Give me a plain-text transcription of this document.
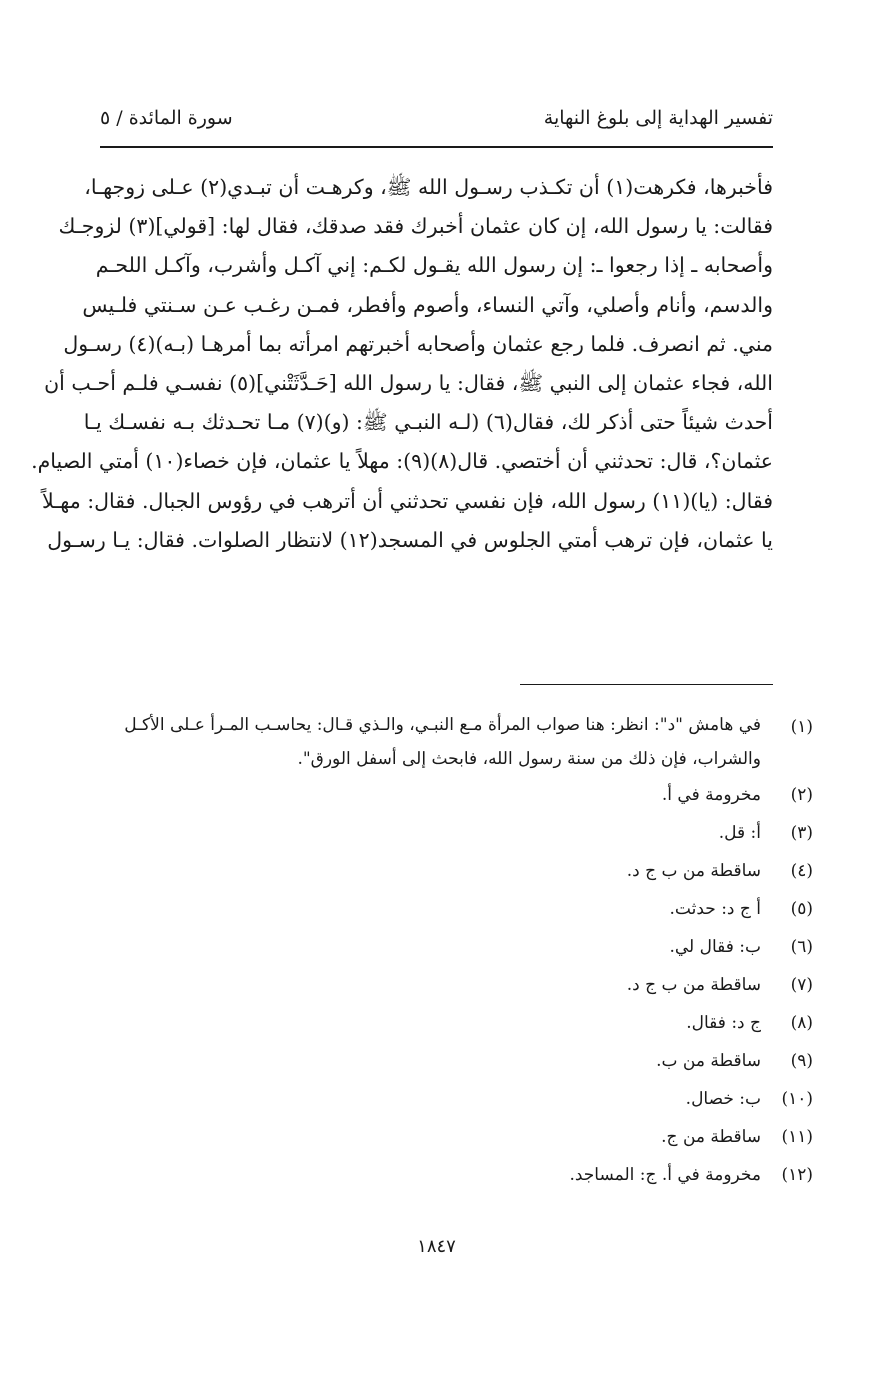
تفسير الهداية إلى بلوغ النهاية
سورة المائدة / ٥
فأخبرها، فكرهت(١) أن تكـذب رسـول الله ﷺ، وكرهـت أن تبـدي(٢) عـلى زوجهـا،
فقالت: يا رسول الله، إن كان عثمان أخبرك فقد صدقك، فقال لها: [قولي](٣) لزوجـك
وأصحابه ـ إذا رجعوا ـ: إن رسول الله يقـول لكـم: إني آكـل وأشرب، وآكـل اللحـم
والدسم، وأنام وأصلي، وآتي النساء، وأصوم وأفطر، فمـن رغـب عـن سـنتي فلـيس
مني. ثم انصرف. فلما رجع عثمان وأصحابه أخبرتهم امرأته بما أمرهـا (بـه)(٤) رسـول
الله، فجاء عثمان إلى النبي ﷺ، فقال: يا رسول الله [حَـدَّثَتْني](٥) نفسـي فلـم أحـب أن
أحدث شيئاً حتى أذكر لك، فقال(٦) (لـه النبـي ﷺ: (و)(٧) مـا تحـدثك بـه نفسـك يـا
عثمان؟، قال: تحدثني أن أختصي. قال(٨)(٩): مهلاً يا عثمان، فإن خصاء(١٠) أمتي الصيام.
فقال: (يا)(١١) رسول الله، فإن نفسي تحدثني أن أترهب في رؤوس الجبال. فقال: مهـلاً
يا عثمان، فإن ترهب أمتي الجلوس في المسجد(١٢) لانتظار الصلوات. فقال: يـا رسـول
(١)
في هامش "د": انظر: هنا صواب المرأة مـع النبـي، والـذي قـال: يحاسـب المـرأ عـلى الأكـل والشراب، فإن ذلك من سنة رسول الله، فابحث إلى أسفل الورق".
(٢)
مخرومة في أ.
(٣)
أ: قل.
(٤)
ساقطة من ب ج د.
(٥)
أ ج د: حدثت.
(٦)
ب: فقال لي.
(٧)
ساقطة من ب ج د.
(٨)
ج د: فقال.
(٩)
ساقطة من ب.
(١٠)
ب: خصال.
(١١)
ساقطة من ج.
(١٢)
مخرومة في أ. ج: المساجد.
١٨٤٧
